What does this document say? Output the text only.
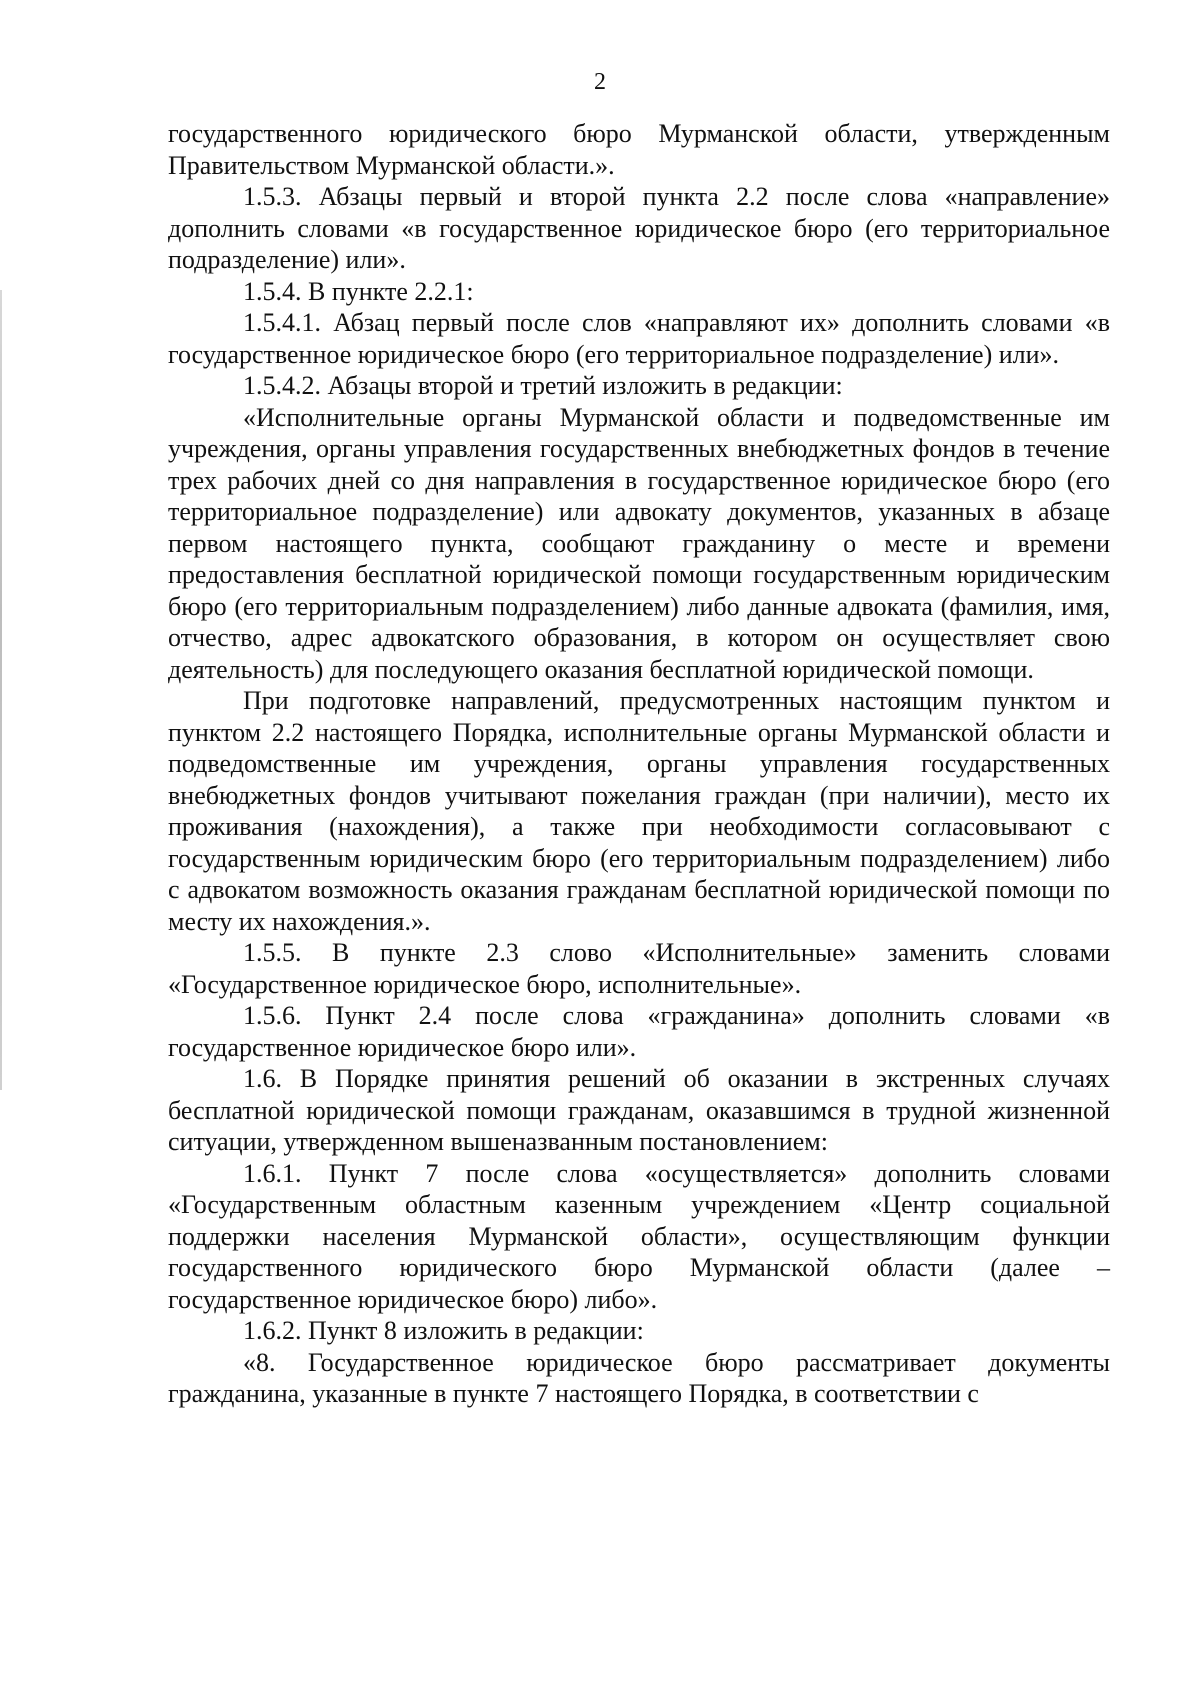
2

государственного юридического бюро Мурманской области, утвержденным Правительством Мурманской области.».

1.5.3. Абзацы первый и второй пункта 2.2 после слова «направление» дополнить словами «в государственное юридическое бюро (его территориальное подразделение) или».

1.5.4. В пункте 2.2.1:

1.5.4.1. Абзац первый после слов «направляют их» дополнить словами «в государственное юридическое бюро (его территориальное подразделение) или».

1.5.4.2. Абзацы второй и третий изложить в редакции:

«Исполнительные органы Мурманской области и подведомственные им учреждения, органы управления государственных внебюджетных фондов в течение трех рабочих дней со дня направления в государственное юридическое бюро (его территориальное подразделение) или адвокату документов, указанных в абзаце первом настоящего пункта, сообщают гражданину о месте и времени предоставления бесплатной юридической помощи государственным юридическим бюро (его территориальным подразделением) либо данные адвоката (фамилия, имя, отчество, адрес адвокатского образования, в котором он осуществляет свою деятельность) для последующего оказания бесплатной юридической помощи.

При подготовке направлений, предусмотренных настоящим пунктом и пунктом 2.2 настоящего Порядка, исполнительные органы Мурманской области и подведомственные им учреждения, органы управления государственных внебюджетных фондов учитывают пожелания граждан (при наличии), место их проживания (нахождения), а также при необходимости согласовывают с государственным юридическим бюро (его территориальным подразделением) либо с адвокатом возможность оказания гражданам бесплатной юридической помощи по месту их нахождения.».

1.5.5. В пункте 2.3 слово «Исполнительные» заменить словами «Государственное юридическое бюро, исполнительные».

1.5.6. Пункт 2.4 после слова «гражданина» дополнить словами «в государственное юридическое бюро или».

1.6. В Порядке принятия решений об оказании в экстренных случаях бесплатной юридической помощи гражданам, оказавшимся в трудной жизненной ситуации, утвержденном вышеназванным постановлением:

1.6.1. Пункт 7 после слова «осуществляется» дополнить словами «Государственным областным казенным учреждением «Центр социальной поддержки населения Мурманской области», осуществляющим функции государственного юридического бюро Мурманской области (далее – государственное юридическое бюро) либо».

1.6.2. Пункт 8 изложить в редакции:

«8. Государственное юридическое бюро рассматривает документы гражданина, указанные в пункте 7 настоящего Порядка, в соответствии с
